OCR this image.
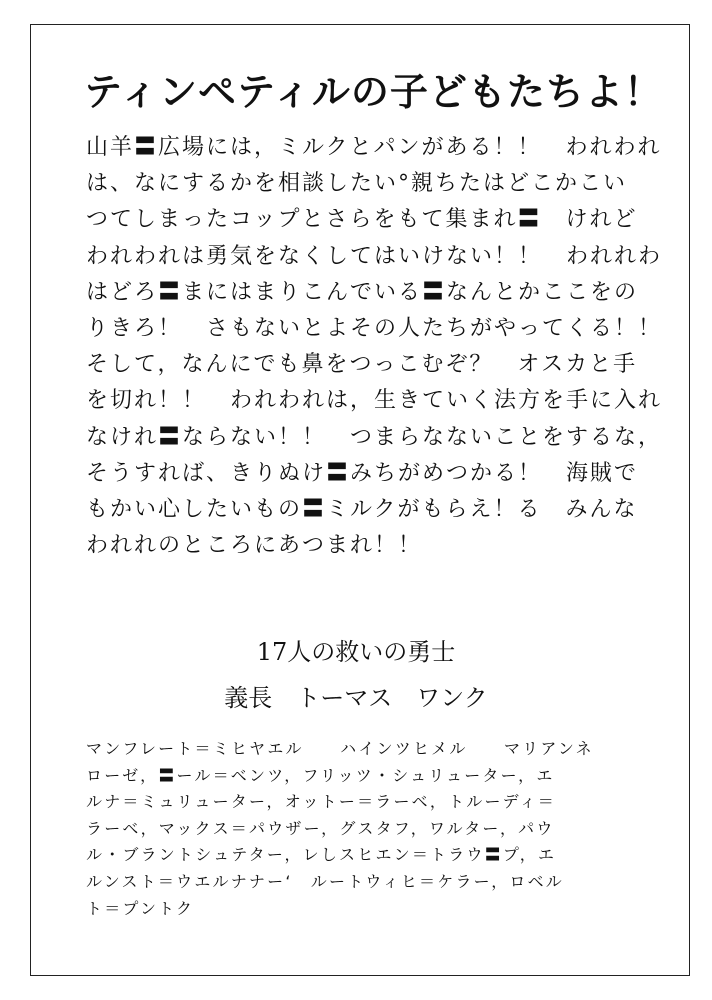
ティンペティルの子どもたちよ！
山羊〓広場には，ミルクとパンがある！！　われわれ
は、なにするかを相談したい°親ちたはどこかこい
つてしまったコップとさらをもて集まれ〓　けれど
われわれは勇気をなくしてはいけない！！　われれわ
はどろ〓まにはまりこんでいる〓なんとかここをの
りきろ！　さもないとよその人たちがやってくる！！
そして，なんにでも鼻をつっこむぞ？　オスカと手
を切れ！！　われわれは，生きていく法方を手に入れ
なけれ〓ならない！！　つまらなないことをするな，
そうすれば、きりぬけ〓みちがめつかる！　海賊で
もかい心したいもの〓ミルクがもらえ！る　みんな
われれのところにあつまれ！！
17人の救いの勇士
義長　トーマス　ワンク
マンフレート＝ミヒヤエル　　ハインツヒメル　　マリアンネ
ローゼ，〓ール＝ベンツ，フリッツ・シュリューター，エ
ルナ＝ミュリューター，オットー＝ラーベ，トルーディ＝
ラーベ，マックス＝パウザー，グスタフ，ワルター，パウ
ル・ブラントシュテター，レしスヒエン＝トラウ〓プ，エ
ルンスト＝ウエルナナー‘　ルートウィヒ＝ケラー，ロベル
ト＝プントク
